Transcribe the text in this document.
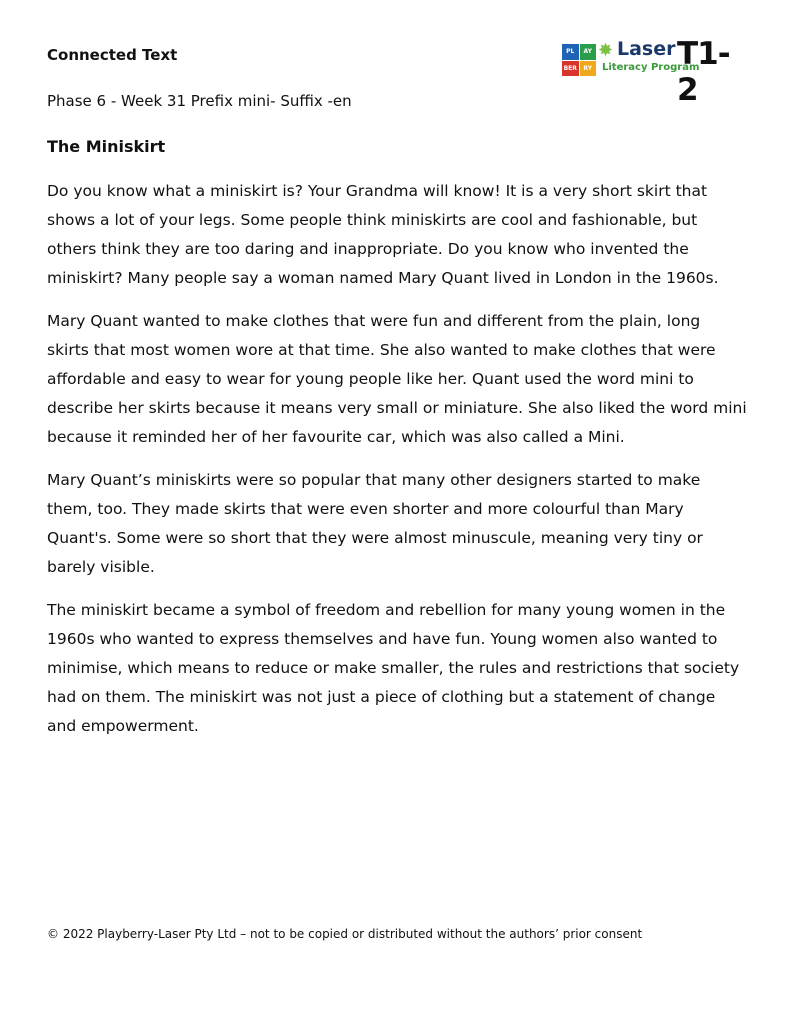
Connected Text	PL	AY
BER	RY
✸ Laser
Literacy Program
T1-2

Phase 6 - Week 31 Prefix mini- Suffix -en

The Miniskirt

Do you know what a miniskirt is? Your Grandma will know! It is a very short skirt that shows a lot of your legs. Some people think miniskirts are cool and fashionable, but others think they are too daring and inappropriate. Do you know who invented the miniskirt? Many people say a woman named Mary Quant lived in London in the 1960s.

Mary Quant wanted to make clothes that were fun and different from the plain, long skirts that most women wore at that time. She also wanted to make clothes that were affordable and easy to wear for young people like her. Quant used the word mini to describe her skirts because it means very small or miniature. She also liked the word mini because it reminded her of her favourite car, which was also called a Mini.

Mary Quant’s miniskirts were so popular that many other designers started to make them, too. They made skirts that were even shorter and more colourful than Mary Quant's. Some were so short that they were almost minuscule, meaning very tiny or barely visible.

The miniskirt became a symbol of freedom and rebellion for many young women in the 1960s who wanted to express themselves and have fun. Young women also wanted to minimise, which means to reduce or make smaller, the rules and restrictions that society had on them. The miniskirt was not just a piece of clothing but a statement of change and empowerment.

© 2022 Playberry-Laser Pty Ltd – not to be copied or distributed without the authors’ prior consent
